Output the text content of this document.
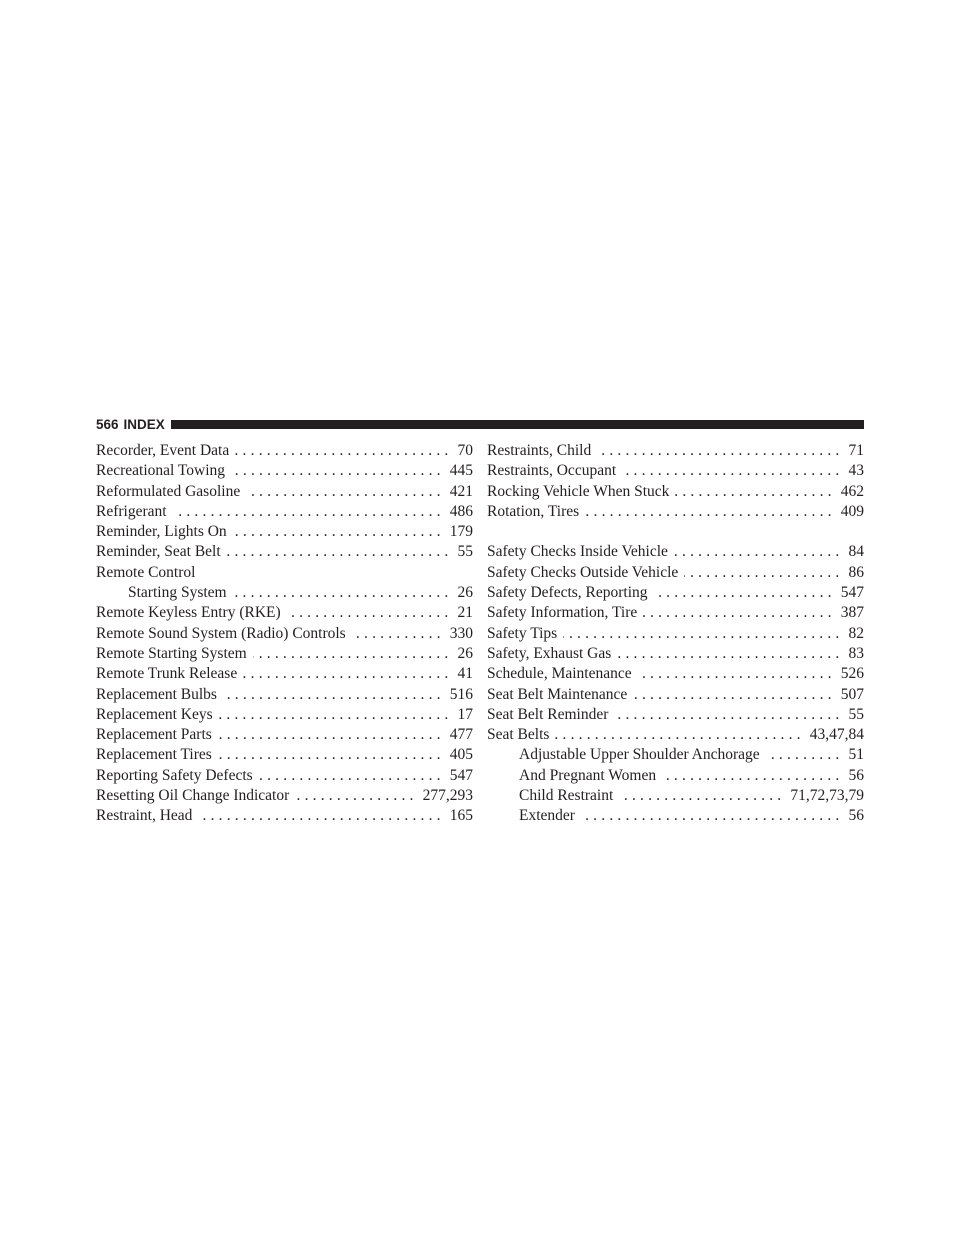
566 INDEX
Recorder, Event Data .....	70
Recreational Towing .....	445
Reformulated Gasoline .....	421
Refrigerant .....	486
Reminder, Lights On .....	179
Reminder, Seat Belt .....	55
Remote Control
Starting System .....	26
Remote Keyless Entry (RKE) .....	21
Remote Sound System (Radio) Controls .....	330
Remote Starting System .....	26
Remote Trunk Release .....	41
Replacement Bulbs .....	516
Replacement Keys .....	17
Replacement Parts .....	477
Replacement Tires .....	405
Reporting Safety Defects .....	547
Resetting Oil Change Indicator .....	277,293
Restraint, Head .....	165
Restraints, Child .....	71
Restraints, Occupant .....	43
Rocking Vehicle When Stuck .....	462
Rotation, Tires .....	409
Safety Checks Inside Vehicle .....	84
Safety Checks Outside Vehicle .....	86
Safety Defects, Reporting .....	547
Safety Information, Tire .....	387
Safety Tips .....	82
Safety, Exhaust Gas .....	83
Schedule, Maintenance .....	526
Seat Belt Maintenance .....	507
Seat Belt Reminder .....	55
Seat Belts .....	43,47,84
Adjustable Upper Shoulder Anchorage .....	51
And Pregnant Women .....	56
Child Restraint .....	71,72,73,79
Extender .....	56
